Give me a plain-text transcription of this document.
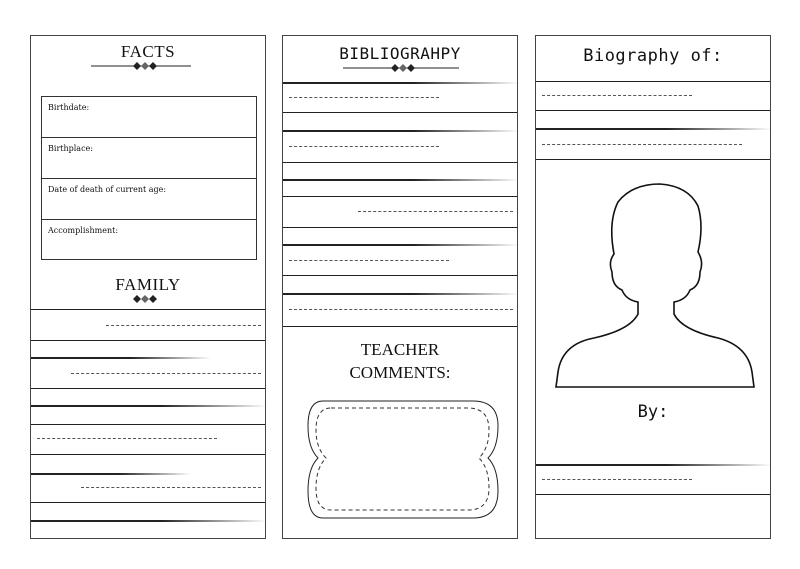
FACTS
Birthdate:
Birthplace:
Date of death of current age:
Accomplishment:
FAMILY
BIBLIOGRAHPY
TEACHER
COMMENTS:
Biography of:
By:
